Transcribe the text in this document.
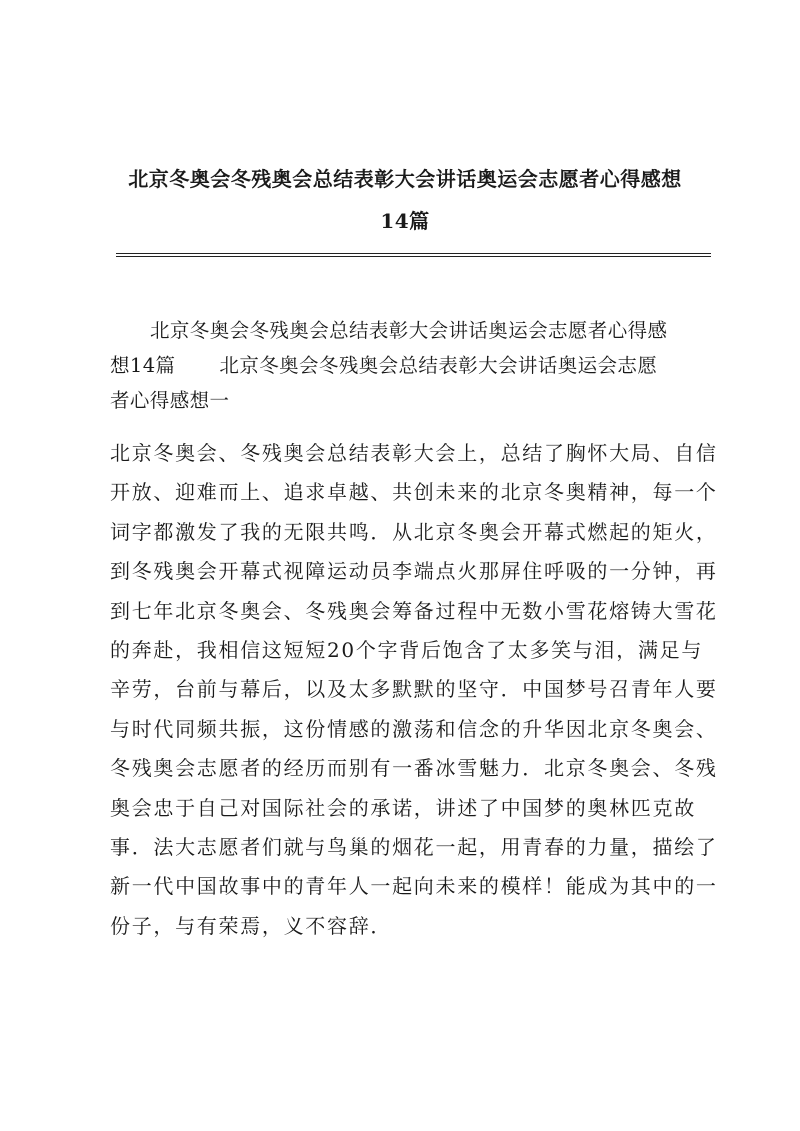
北京冬奥会冬残奥会总结表彰大会讲话奥运会志愿者心得感想
14篇
北京冬奥会冬残奥会总结表彰大会讲话奥运会志愿者心得感
想14篇 北京冬奥会冬残奥会总结表彰大会讲话奥运会志愿
者心得感想一
北京冬奥会、冬残奥会总结表彰大会上，总结了胸怀大局、自信
开放、迎难而上、追求卓越、共创未来的北京冬奥精神，每一个
词字都激发了我的无限共鸣．从北京冬奥会开幕式燃起的矩火，
到冬残奥会开幕式视障运动员李端点火那屏住呼吸的一分钟，再
到七年北京冬奥会、冬残奥会筹备过程中无数小雪花熔铸大雪花
的奔赴，我相信这短短20个字背后饱含了太多笑与泪，满足与
辛劳，台前与幕后，以及太多默默的坚守．中国梦号召青年人要
与时代同频共振，这份情感的激荡和信念的升华因北京冬奥会、
冬残奥会志愿者的经历而别有一番冰雪魅力．北京冬奥会、冬残
奥会忠于自己对国际社会的承诺，讲述了中国梦的奥林匹克故
事．法大志愿者们就与鸟巢的烟花一起，用青春的力量，描绘了
新一代中国故事中的青年人一起向未来的模样！能成为其中的一
份子，与有荣焉，义不容辞．
